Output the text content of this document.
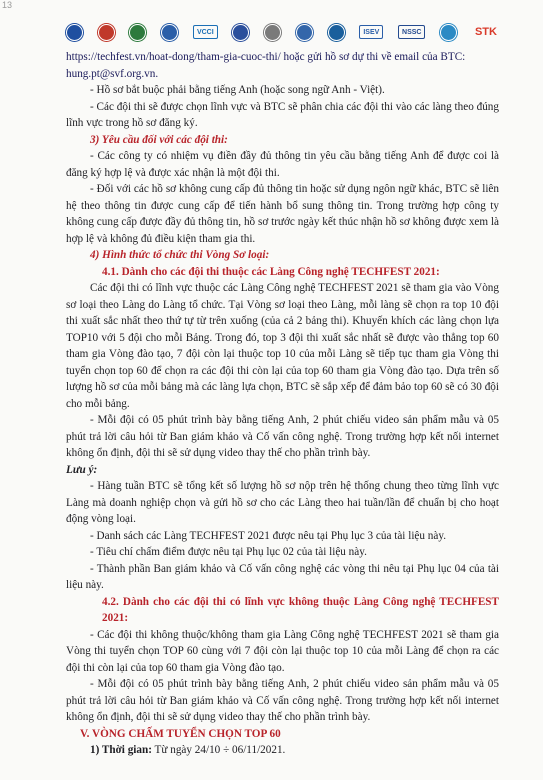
13
VCCI	ISEV	NSSC	STK

https://techfest.vn/hoat-dong/tham-gia-cuoc-thi/ hoặc gửi hồ sơ dự thi về email của BTC: hung.pt@svf.org.vn.

- Hồ sơ bắt buộc phải bằng tiếng Anh (hoặc song ngữ Anh - Việt).

- Các đội thi sẽ được chọn lĩnh vực và BTC sẽ phân chia các đội thi vào các làng theo đúng lĩnh vực trong hồ sơ đăng ký.

3) Yêu cầu đối với các đội thi:

- Các công ty có nhiệm vụ điền đầy đủ thông tin yêu cầu bằng tiếng Anh để được coi là đăng ký hợp lệ và được xác nhận là một đội thi.

- Đối với các hồ sơ không cung cấp đủ thông tin hoặc sử dụng ngôn ngữ khác, BTC sẽ liên hệ theo thông tin được cung cấp để tiến hành bổ sung thông tin. Trong trường hợp công ty không cung cấp được đầy đủ thông tin, hồ sơ trước ngày kết thúc nhận hồ sơ không được xem là hợp lệ và không đủ điều kiện tham gia thi.

4) Hình thức tổ chức thi Vòng Sơ loại:

4.1. Dành cho các đội thi thuộc các Làng Công nghệ TECHFEST 2021:

Các đội thi có lĩnh vực thuộc các Làng Công nghệ TECHFEST 2021 sẽ tham gia vào Vòng sơ loại theo Làng do Làng tổ chức. Tại Vòng sơ loại theo Làng, mỗi làng sẽ chọn ra top 10 đội thi xuất sắc nhất theo thứ tự từ trên xuống (của cả 2 bảng thi). Khuyến khích các làng chọn lựa TOP10 với 5 đội cho mỗi Bảng. Trong đó, top 3 đội thi xuất sắc nhất sẽ được vào thẳng top 60 tham gia Vòng đào tạo, 7 đội còn lại thuộc top 10 của mỗi Làng sẽ tiếp tục tham gia Vòng thi tuyển chọn top 60 để chọn ra các đội thi còn lại của top 60 tham gia Vòng đào tạo. Dựa trên số lượng hồ sơ của mỗi bảng mà các làng lựa chọn, BTC sẽ sắp xếp để đảm bảo top 60 sẽ có 30 đội cho mỗi bảng.

- Mỗi đội có 05 phút trình bày bằng tiếng Anh, 2 phút chiếu video sản phẩm mẫu và 05 phút trả lời câu hỏi từ Ban giám khảo và Cố vấn công nghệ. Trong trường hợp kết nối internet không ổn định, đội thi sẽ sử dụng video thay thế cho phần trình bày.

Lưu ý:

- Hàng tuần BTC sẽ tổng kết số lượng hồ sơ nộp trên hệ thống chung theo từng lĩnh vực Làng mà doanh nghiệp chọn và gửi hồ sơ cho các Làng theo hai tuần/lần để chuẩn bị cho hoạt động vòng loại.

- Danh sách các Làng TECHFEST 2021 được nêu tại Phụ lục 3 của tài liệu này.

- Tiêu chí chấm điểm được nêu tại Phụ lục 02 của tài liệu này.

- Thành phần Ban giám khảo và Cố vấn công nghệ các vòng thi nêu tại Phụ lục 04 của tài liệu này.

4.2. Dành cho các đội thi có lĩnh vực không thuộc Làng Công nghệ TECHFEST 2021:

- Các đội thi không thuộc/không tham gia Làng Công nghệ TECHFEST 2021 sẽ tham gia Vòng thi tuyển chọn TOP 60 cùng với 7 đội còn lại thuộc top 10 của mỗi Làng để chọn ra các đội thi còn lại của top 60 tham gia Vòng đào tạo.

- Mỗi đội có 05 phút trình bày bằng tiếng Anh, 2 phút chiếu video sản phẩm mẫu và 05 phút trả lời câu hỏi từ Ban giám khảo và Cố vấn công nghệ. Trong trường hợp kết nối internet không ổn định, đội thi sẽ sử dụng video thay thế cho phần trình bày.

V. VÒNG CHẤM TUYỂN CHỌN TOP 60

1) Thời gian: Từ ngày 24/10 ÷ 06/11/2021.
